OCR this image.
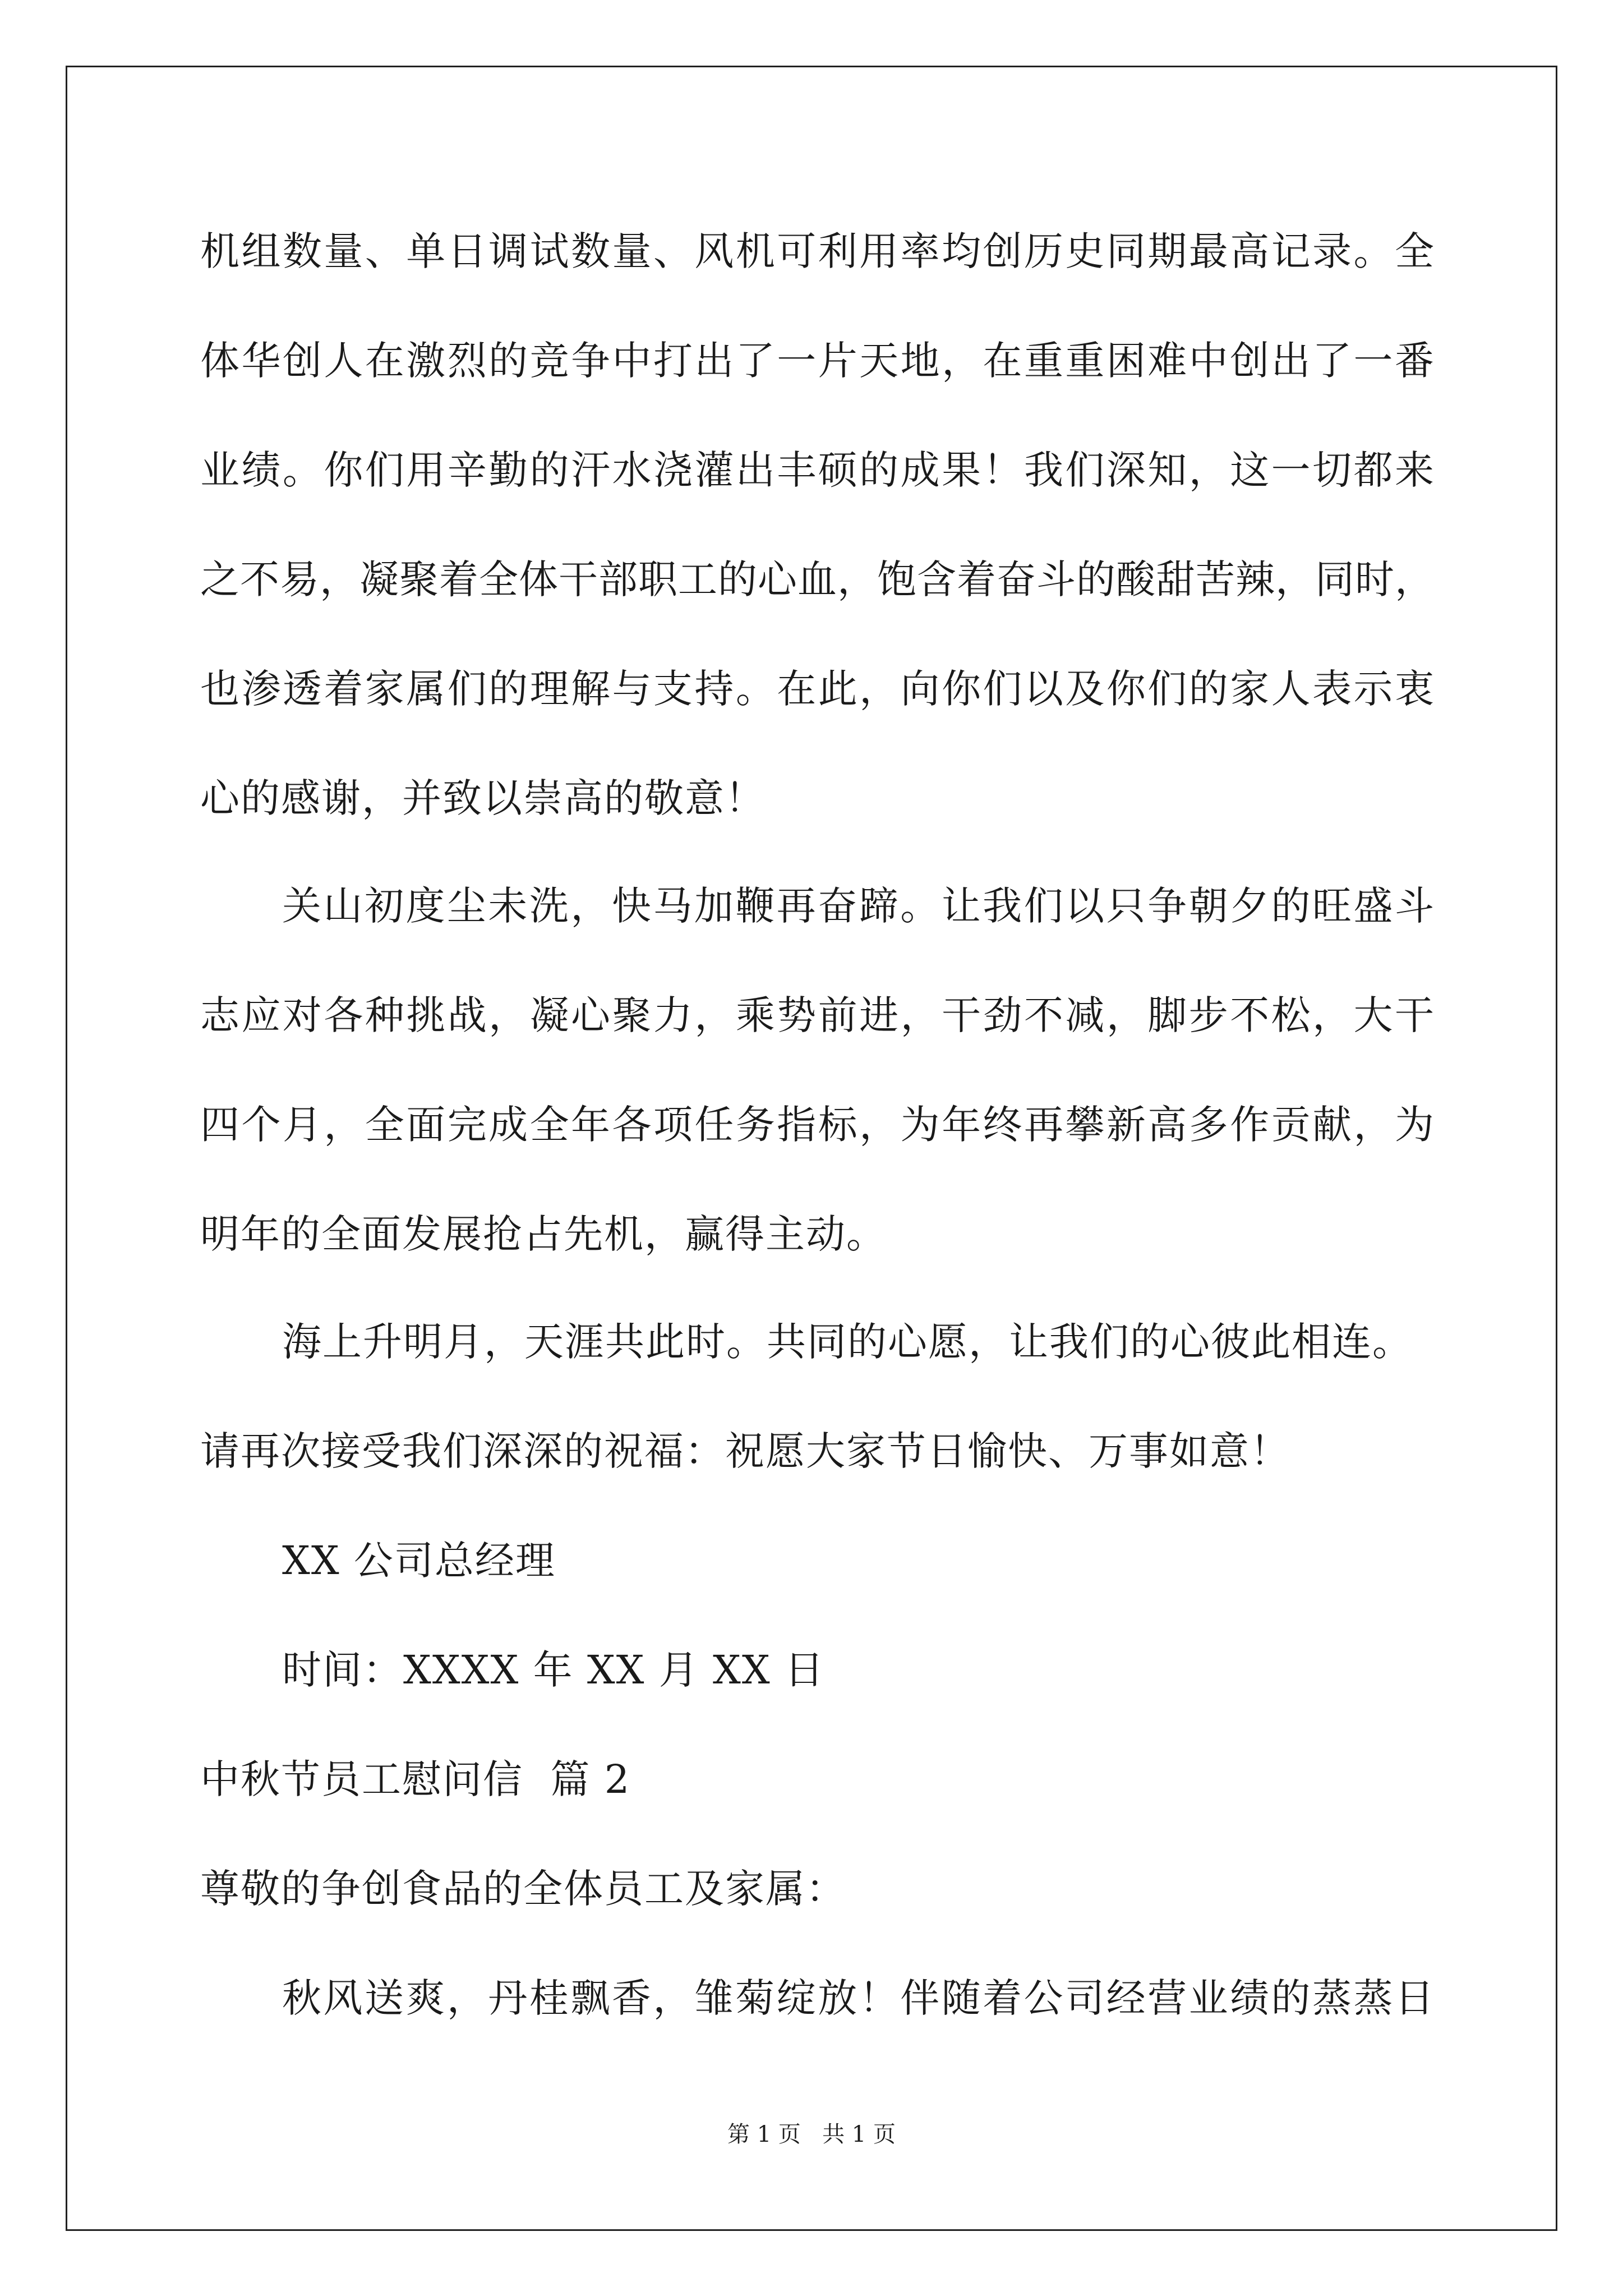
机组数量、单日调试数量、风机可利用率均创历史同期最高记录。全
体华创人在激烈的竞争中打出了一片天地，在重重困难中创出了一番
业绩。你们用辛勤的汗水浇灌出丰硕的成果！我们深知，这一切都来
之不易，凝聚着全体干部职工的心血，饱含着奋斗的酸甜苦辣，同时，
也渗透着家属们的理解与支持。在此，向你们以及你们的家人表示衷
心的感谢，并致以崇高的敬意！
关山初度尘未洗，快马加鞭再奋蹄。让我们以只争朝夕的旺盛斗
志应对各种挑战，凝心聚力，乘势前进，干劲不减，脚步不松，大干
四个月，全面完成全年各项任务指标，为年终再攀新高多作贡献，为
明年的全面发展抢占先机，赢得主动。
海上升明月，天涯共此时。共同的心愿，让我们的心彼此相连。
请再次接受我们深深的祝福：祝愿大家节日愉快、万事如意！
XX 公司总经理
时间：XXXX 年 XX 月 XX 日
中秋节员工慰问信  篇 2
尊敬的争创食品的全体员工及家属：
秋风送爽，丹桂飘香，雏菊绽放！伴随着公司经营业绩的蒸蒸日
第 1 页   共 1 页
